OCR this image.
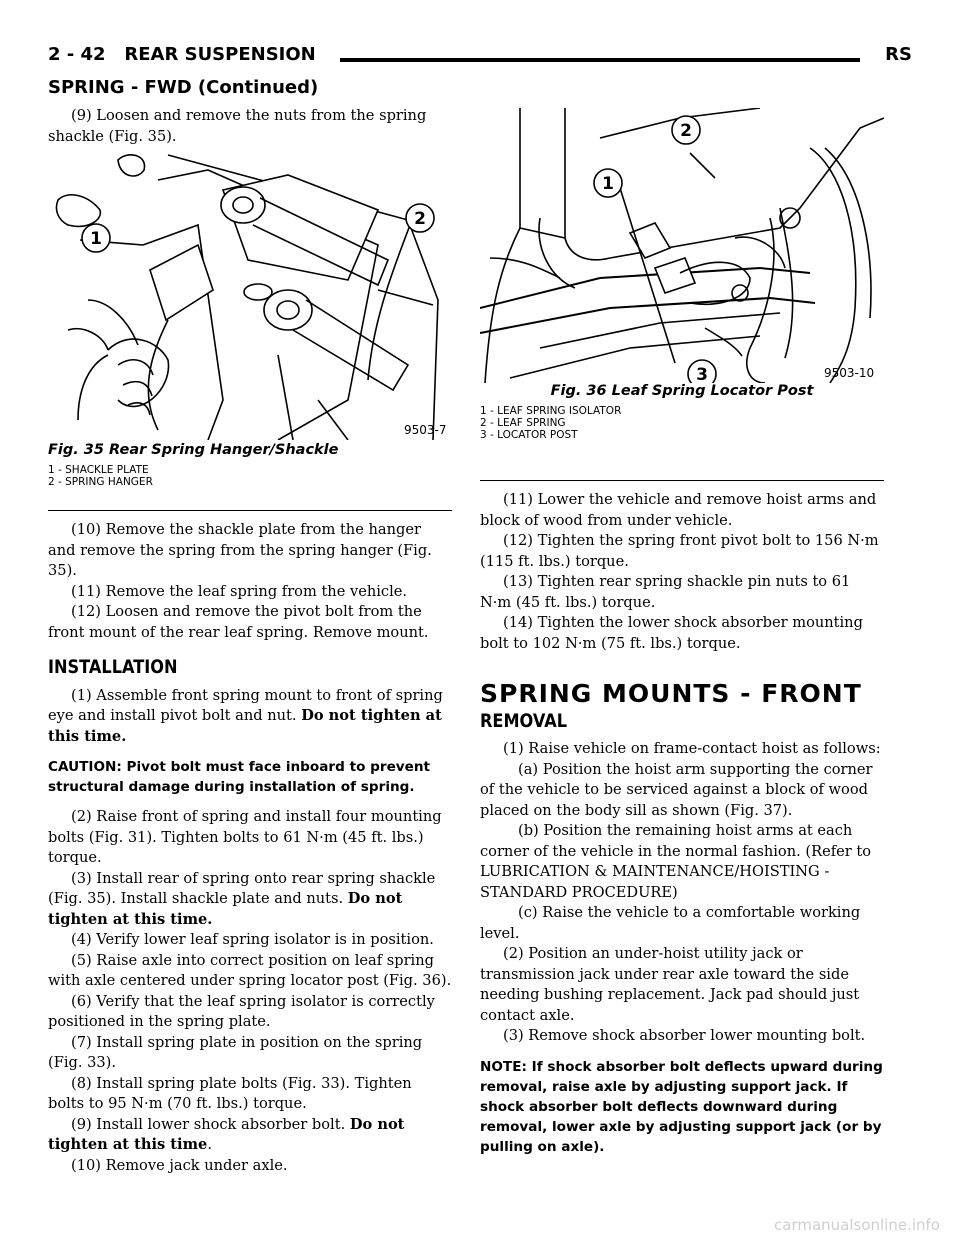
2 - 42 REAR SUSPENSION	RS
SPRING - FWD (Continued)

(9) Loosen and remove the nuts from the spring shackle (Fig. 35).

1
2
9503-7
Fig. 35 Rear Spring Hanger/Shackle
1 - SHACKLE PLATE
2 - SPRING HANGER

(10) Remove the shackle plate from the hanger and remove the spring from the spring hanger (Fig. 35).

(11) Remove the leaf spring from the vehicle.

(12) Loosen and remove the pivot bolt from the front mount of the rear leaf spring. Remove mount.

INSTALLATION

(1) Assemble front spring mount to front of spring eye and install pivot bolt and nut. Do not tighten at this time.

CAUTION: Pivot bolt must face inboard to prevent structural damage during installation of spring.

(2) Raise front of spring and install four mounting bolts (Fig. 31). Tighten bolts to 61 N·m (45 ft. lbs.) torque.

(3) Install rear of spring onto rear spring shackle (Fig. 35). Install shackle plate and nuts. Do not tighten at this time.

(4) Verify lower leaf spring isolator is in position.

(5) Raise axle into correct position on leaf spring with axle centered under spring locator post (Fig. 36).

(6) Verify that the leaf spring isolator is correctly positioned in the spring plate.

(7) Install spring plate in position on the spring (Fig. 33).

(8) Install spring plate bolts (Fig. 33). Tighten bolts to 95 N·m (70 ft. lbs.) torque.

(9) Install lower shock absorber bolt. Do not tighten at this time.

(10) Remove jack under axle.

1
2
3	9503-10
Fig. 36 Leaf Spring Locator Post
1 - LEAF SPRING ISOLATOR
2 - LEAF SPRING
3 - LOCATOR POST

(11) Lower the vehicle and remove hoist arms and block of wood from under vehicle.

(12) Tighten the spring front pivot bolt to 156 N·m (115 ft. lbs.) torque.

(13) Tighten rear spring shackle pin nuts to 61 N·m (45 ft. lbs.) torque.

(14) Tighten the lower shock absorber mounting bolt to 102 N·m (75 ft. lbs.) torque.

SPRING MOUNTS - FRONT

REMOVAL

(1) Raise vehicle on frame-contact hoist as follows:

(a) Position the hoist arm supporting the corner of the vehicle to be serviced against a block of wood placed on the body sill as shown (Fig. 37).

(b) Position the remaining hoist arms at each corner of the vehicle in the normal fashion. (Refer to LUBRICATION & MAINTENANCE/HOISTING - STANDARD PROCEDURE)

(c) Raise the vehicle to a comfortable working level.

(2) Position an under-hoist utility jack or transmission jack under rear axle toward the side needing bushing replacement. Jack pad should just contact axle.

(3) Remove shock absorber lower mounting bolt.

NOTE: If shock absorber bolt deflects upward during removal, raise axle by adjusting support jack. If shock absorber bolt deflects downward during removal, lower axle by adjusting support jack (or by pulling on axle).

carmanualsonline.info
